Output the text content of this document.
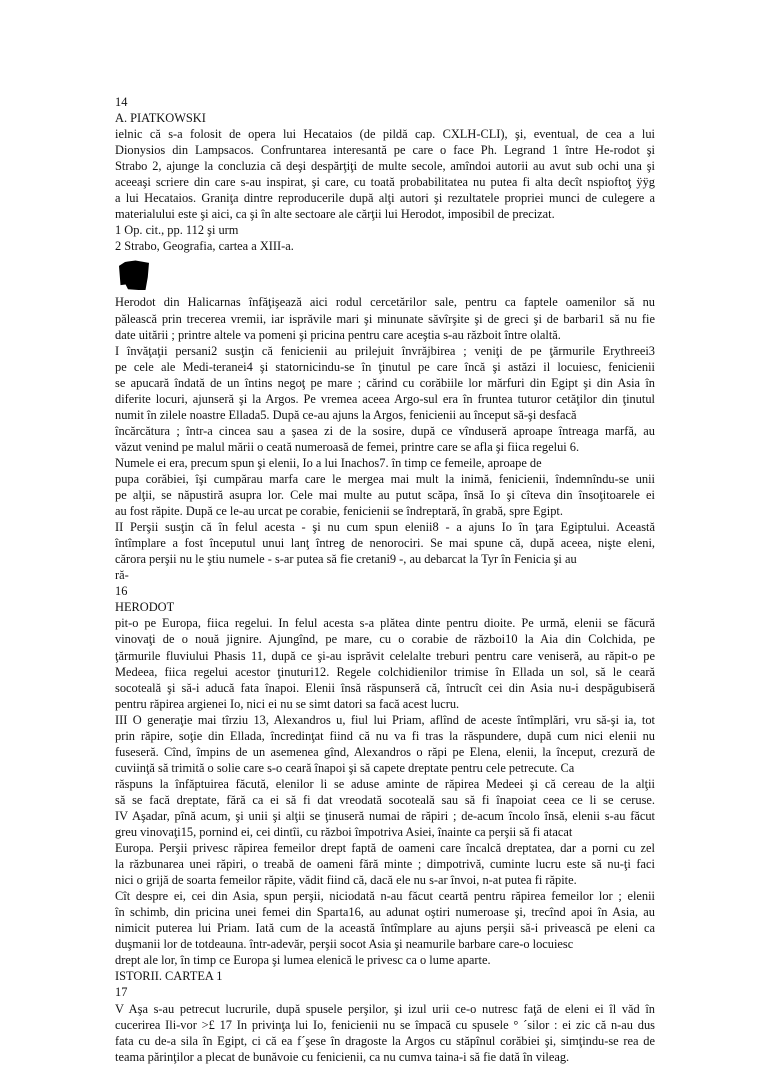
14
A. PIATKOWSKI
ielnic că s-a folosit de opera lui Hecataios (de pildă cap. CXLH-CLI), şi, eventual, de cea a lui
Dionysios din Lampsacos. Confruntarea interesantă pe care o face Ph. Legrand 1 între He-rodot şi
Strabo 2, ajunge la concluzia că deşi despărţiţi de multe secole, amîndoi autorii au avut sub ochi una şi
aceeaşi scriere din care s-au inspirat, şi care, cu toată probabilitatea nu putea fi alta decît nspioftoţ ÿÿg
a lui Hecataios. Graniţa dintre reproducerile după alţi autori şi rezultatele propriei munci de culegere a
materialului este şi aici, ca şi în alte sectoare ale cărţii lui Herodot, imposibil de precizat.
1 Op. cit., pp. 112 şi urm
2 Strabo, Geografia, cartea a XIII-a.
Herodot din Halicarnas înfăţişează aici rodul cercetărilor sale, pentru ca faptele oamenilor să nu
pălească prin trecerea vremii, iar isprăvile mari şi minunate săvîrşite şi de greci şi de barbari1 să nu fie
date uitării ; printre altele va pomeni şi pricina pentru care aceştia s-au războit între olaltă.
I învăţaţii persani2 susţin că fenicienii au prilejuit învrăjbirea ; veniţi de pe ţărmurile Erythreei3
pe cele ale Medi-teranei4 şi statornicindu-se în ţinutul pe care încă şi astăzi il locuiesc, fenicienii
se apucară îndată de un întins negoţ pe mare ; cărind cu corăbiile lor mărfuri din Egipt şi din Asia în
diferite locuri, ajunseră şi la Argos. Pe vremea aceea Argo-sul era în fruntea tuturor cetăţilor din ţinutul
numit în zilele noastre Ellada5. După ce-au ajuns la Argos, fenicienii au început să-şi desfacă
încărcătura ; într-a cincea sau a şasea zi de la sosire, după ce vînduseră aproape întreaga marfă, au
văzut venind pe malul mării o ceată numeroasă de femei, printre care se afla şi fiica regelui 6.
Numele ei era, precum spun şi elenii, Io a lui Inachos7. în timp ce femeile, aproape de
pupa corăbiei, îşi cumpărau marfa care le mergea mai mult la inimă, fenicienii, îndemnîndu-se unii
pe alţii, se năpustiră asupra lor. Cele mai multe au putut scăpa, însă Io şi cîteva din însoţitoarele ei
au fost răpite. După ce le-au urcat pe corabie, fenicienii se îndreptară, în grabă, spre Egipt.
II Perşii susţin că în felul acesta - şi nu cum spun elenii8 - a ajuns Io în ţara Egiptului. Această
întîmplare a fost începutul unui lanţ întreg de nenorociri. Se mai spune că, după aceea, nişte eleni,
cărora perşii nu le ştiu numele - s-ar putea să fie cretani9 -, au debarcat la Tyr în Fenicia şi au
ră-
16
HERODOT
pit-o pe Europa, fiica regelui. In felul acesta s-a plătea dinte pentru dioite. Pe urmă, elenii se făcură
vinovaţi de o nouă jignire. Ajungînd, pe mare, cu o corabie de război10 la Aia din Colchida, pe
ţărmurile fluviului Phasis 11, după ce şi-au isprăvit celelalte treburi pentru care veniseră, au răpit-o pe
Medeea, fiica regelui acestor ţinuturi12. Regele colchidienilor trimise în Ellada un sol, să le ceară
socoteală şi să-i aducă fata înapoi. Elenii însă răspunseră că, întrucît cei din Asia nu-i despăgubiseră
pentru răpirea argienei Io, nici ei nu se simt datori sa facă acest lucru.
III O generaţie mai tîrziu 13, Alexandros u, fiul lui Priam, aflînd de aceste întîmplări, vru să-şi ia, tot
prin răpire, soţie din Ellada, încredinţat fiind că nu va fi tras la răspundere, după cum nici elenii nu
fuseseră. Cînd, împins de un asemenea gînd, Alexandros o răpi pe Elena, elenii, la început, crezură de
cuviinţă să trimită o solie care s-o ceară înapoi şi să capete dreptate pentru cele petrecute. Ca
răspuns la înfăptuirea făcută, elenilor li se aduse aminte de răpirea Medeei şi că cereau de la alţii
să se facă dreptate, fără ca ei să fi dat vreodată socoteală sau să fi înapoiat ceea ce li se ceruse.
IV Aşadar, pînă acum, şi unii şi alţii se ţinuseră numai de răpiri ; de-acum încolo însă, elenii s-au făcut
greu vinovaţi15, pornind ei, cei dintîi, cu război împotriva Asiei, înainte ca perşii să fi atacat
Europa. Perşii privesc răpirea femeilor drept faptă de oameni care încalcă dreptatea, dar a porni cu zel
la răzbunarea unei răpiri, o treabă de oameni fără minte ; dimpotrivă, cuminte lucru este să nu-ţi faci
nici o grijă de soarta femeilor răpite, vădit fiind că, dacă ele nu s-ar învoi, n-at putea fi răpite.
Cît despre ei, cei din Asia, spun perşii, niciodată n-au făcut ceartă pentru răpirea femeilor lor ; elenii
în schimb, din pricina unei femei din Sparta16, au adunat oştiri numeroase şi, trecînd apoi în Asia, au
nimicit puterea lui Priam. Iată cum de la această întîmplare au ajuns perşii să-i privească pe eleni ca
duşmanii lor de totdeauna. într-adevăr, perşii socot Asia şi neamurile barbare care-o locuiesc
drept ale lor, în timp ce Europa şi lumea elenică le privesc ca o lume aparte.
ISTORII. CARTEA 1
17
V Aşa s-au petrecut lucrurile, după spusele perşilor, şi izul urii ce-o nutresc faţă de eleni ei îl văd în
cucerirea Ili-vor >£ 17 In privinţa lui Io, fenicienii nu se împacă cu spusele ° ´silor : ei zic că n-au dus
fata cu de-a sila în Egipt, ci că ea f´şese în dragoste la Argos cu stăpînul corăbiei şi, simţindu-se rea de
teama părinţilor a plecat de bunăvoie cu fenicienii, ca nu cumva taina-i să fie dată în vileag.
